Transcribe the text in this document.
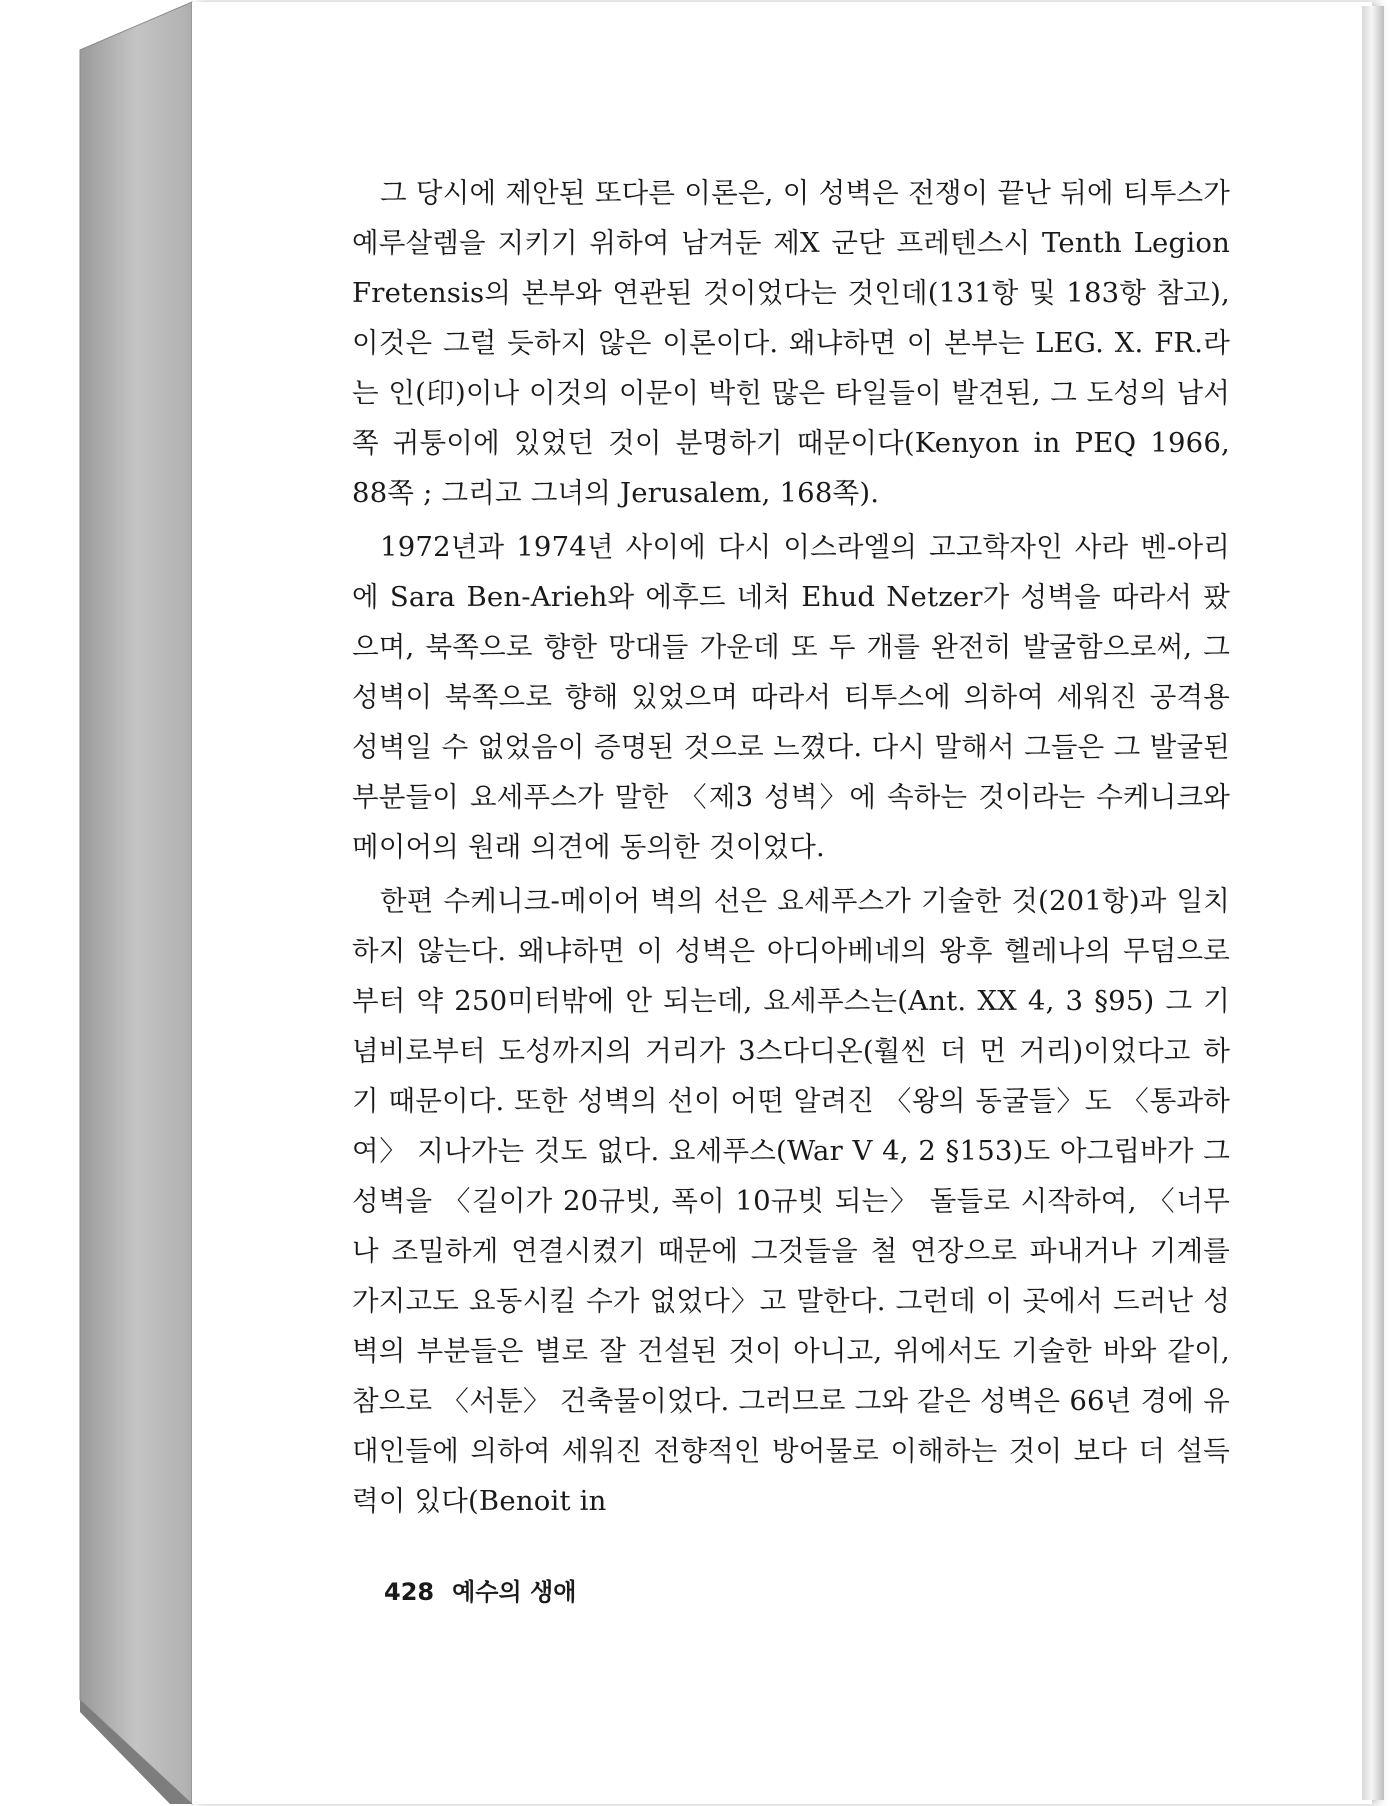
그 당시에 제안된 또다른 이론은, 이 성벽은 전쟁이 끝난 뒤에 티투스가 예루살렘을 지키기 위하여 남겨둔 제X 군단 프레텐스시 Tenth Legion Fretensis의 본부와 연관된 것이었다는 것인데(131항 및 183항 참고), 이것은 그럴 듯하지 않은 이론이다. 왜냐하면 이 본부는 LEG. X. FR.라는 인(印)이나 이것의 이문이 박힌 많은 타일들이 발견된, 그 도성의 남서쪽 귀퉁이에 있었던 것이 분명하기 때문이다(Kenyon in PEQ 1966, 88쪽 ; 그리고 그녀의 Jerusalem, 168쪽).

1972년과 1974년 사이에 다시 이스라엘의 고고학자인 사라 벤-아리에 Sara Ben-Arieh와 에후드 네처 Ehud Netzer가 성벽을 따라서 팠으며, 북쪽으로 향한 망대들 가운데 또 두 개를 완전히 발굴함으로써, 그 성벽이 북쪽으로 향해 있었으며 따라서 티투스에 의하여 세워진 공격용 성벽일 수 없었음이 증명된 것으로 느꼈다. 다시 말해서 그들은 그 발굴된 부분들이 요세푸스가 말한 〈제3 성벽〉에 속하는 것이라는 수케니크와 메이어의 원래 의견에 동의한 것이었다.

한편 수케니크-메이어 벽의 선은 요세푸스가 기술한 것(201항)과 일치하지 않는다. 왜냐하면 이 성벽은 아디아베네의 왕후 헬레나의 무덤으로부터 약 250미터밖에 안 되는데, 요세푸스는(Ant. XX 4, 3 §95) 그 기념비로부터 도성까지의 거리가 3스다디온(훨씬 더 먼 거리)이었다고 하기 때문이다. 또한 성벽의 선이 어떤 알려진 〈왕의 동굴들〉도 〈통과하여〉 지나가는 것도 없다. 요세푸스(War V 4, 2 §153)도 아그립바가 그 성벽을 〈길이가 20규빗, 폭이 10규빗 되는〉 돌들로 시작하여, 〈너무나 조밀하게 연결시켰기 때문에 그것들을 철 연장으로 파내거나 기계를 가지고도 요동시킬 수가 없었다〉고 말한다. 그런데 이 곳에서 드러난 성벽의 부분들은 별로 잘 건설된 것이 아니고, 위에서도 기술한 바와 같이, 참으로 〈서툰〉 건축물이었다. 그러므로 그와 같은 성벽은 66년 경에 유대인들에 의하여 세워진 전향적인 방어물로 이해하는 것이 보다 더 설득력이 있다(Benoit in

428 예수의 생애
